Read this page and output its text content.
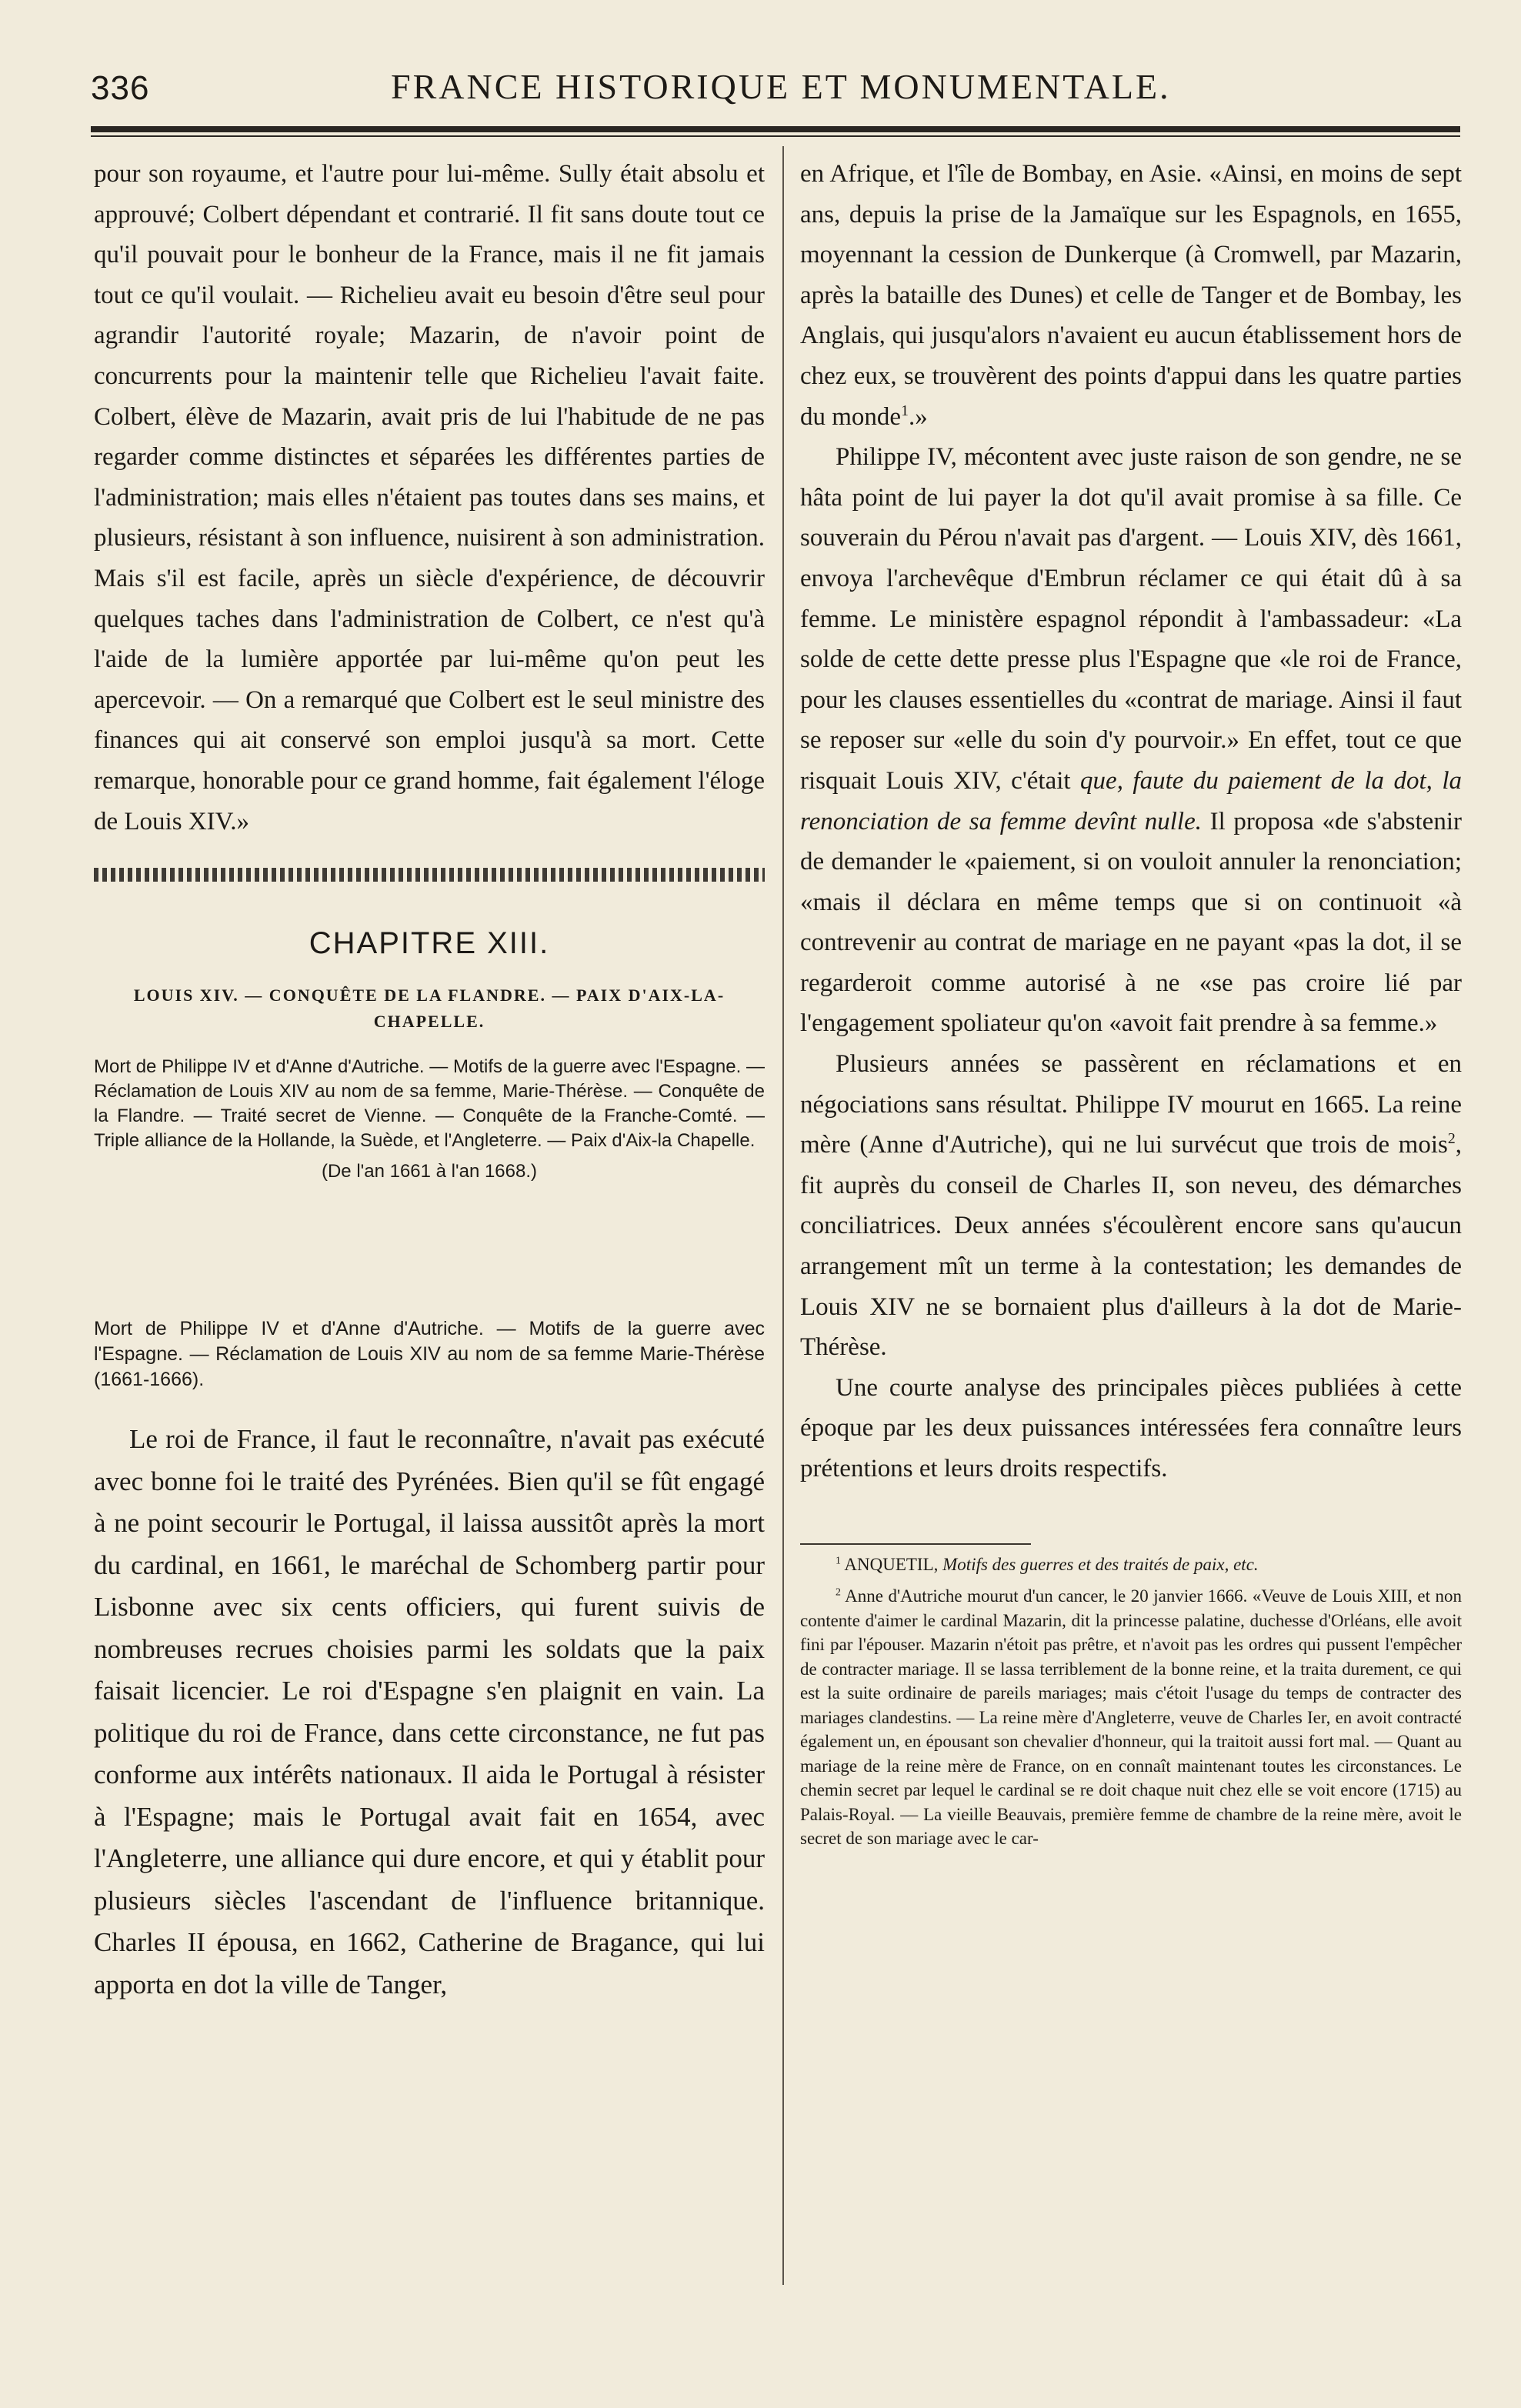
336	FRANCE HISTORIQUE ET MONUMENTALE.

pour son royaume, et l'autre pour lui-même. Sully était absolu et approuvé; Colbert dépendant et contrarié. Il fit sans doute tout ce qu'il pouvait pour le bonheur de la France, mais il ne fit jamais tout ce qu'il voulait. — Richelieu avait eu besoin d'être seul pour agrandir l'autorité royale; Mazarin, de n'avoir point de concurrents pour la maintenir telle que Richelieu l'avait faite. Colbert, élève de Mazarin, avait pris de lui l'habitude de ne pas regarder comme distinctes et séparées les différentes parties de l'administration; mais elles n'étaient pas toutes dans ses mains, et plusieurs, résistant à son influence, nuisirent à son administration. Mais s'il est facile, après un siècle d'expérience, de découvrir quelques taches dans l'administration de Colbert, ce n'est qu'à l'aide de la lumière apportée par lui-même qu'on peut les apercevoir. — On a remarqué que Colbert est le seul ministre des finances qui ait conservé son emploi jusqu'à sa mort. Cette remarque, honorable pour ce grand homme, fait également l'éloge de Louis XIV.»

CHAPITRE XIII.
LOUIS XIV. — CONQUÊTE DE LA FLANDRE. — PAIX D'AIX-LA-CHAPELLE.

Mort de Philippe IV et d'Anne d'Autriche. — Motifs de la guerre avec l'Espagne. — Réclamation de Louis XIV au nom de sa femme, Marie-Thérèse. — Conquête de la Flandre. — Traité secret de Vienne. — Conquête de la Franche-Comté. — Triple alliance de la Hollande, la Suède, et l'Angleterre. — Paix d'Aix-la Chapelle.

(De l'an 1661 à l'an 1668.)

Mort de Philippe IV et d'Anne d'Autriche. — Motifs de la guerre avec l'Espagne. — Réclamation de Louis XIV au nom de sa femme Marie-Thérèse (1661-1666).

Le roi de France, il faut le reconnaître, n'avait pas exécuté avec bonne foi le traité des Pyrénées. Bien qu'il se fût engagé à ne point secourir le Portugal, il laissa aussitôt après la mort du cardinal, en 1661, le maréchal de Schomberg partir pour Lisbonne avec six cents officiers, qui furent suivis de nombreuses recrues choisies parmi les soldats que la paix faisait licencier. Le roi d'Espagne s'en plaignit en vain. La politique du roi de France, dans cette circonstance, ne fut pas conforme aux intérêts nationaux. Il aida le Portugal à résister à l'Espagne; mais le Portugal avait fait en 1654, avec l'Angleterre, une alliance qui dure encore, et qui y établit pour plusieurs siècles l'ascendant de l'influence britannique. Charles II épousa, en 1662, Catherine de Bragance, qui lui apporta en dot la ville de Tanger,

en Afrique, et l'île de Bombay, en Asie. «Ainsi, en moins de sept ans, depuis la prise de la Jamaïque sur les Espagnols, en 1655, moyennant la cession de Dunkerque (à Cromwell, par Mazarin, après la bataille des Dunes) et celle de Tanger et de Bombay, les Anglais, qui jusqu'alors n'avaient eu aucun établissement hors de chez eux, se trouvèrent des points d'appui dans les quatre parties du monde$^1$.»

Philippe IV, mécontent avec juste raison de son gendre, ne se hâta point de lui payer la dot qu'il avait promise à sa fille. Ce souverain du Pérou n'avait pas d'argent. — Louis XIV, dès 1661, envoya l'archevêque d'Embrun réclamer ce qui était dû à sa femme. Le ministère espagnol répondit à l'ambassadeur: «La solde de cette dette presse plus l'Espagne que «le roi de France, pour les clauses essentielles du «contrat de mariage. Ainsi il faut se reposer sur «elle du soin d'y pourvoir.» En effet, tout ce que risquait Louis XIV, c'était que, faute du paiement de la dot, la renonciation de sa femme devînt nulle. Il proposa «de s'abstenir de demander le «paiement, si on vouloit annuler la renonciation; «mais il déclara en même temps que si on continuoit «à contrevenir au contrat de mariage en ne payant «pas la dot, il se regarderoit comme autorisé à ne «se pas croire lié par l'engagement spoliateur qu'on «avoit fait prendre à sa femme.»

Plusieurs années se passèrent en réclamations et en négociations sans résultat. Philippe IV mourut en 1665. La reine mère (Anne d'Autriche), qui ne lui survécut que trois de mois$^2$, fit auprès du conseil de Charles II, son neveu, des démarches conciliatrices. Deux années s'écoulèrent encore sans qu'aucun arrangement mît un terme à la contestation; les demandes de Louis XIV ne se bornaient plus d'ailleurs à la dot de Marie-Thérèse.

Une courte analyse des principales pièces publiées à cette époque par les deux puissances intéressées fera connaître leurs prétentions et leurs droits respectifs.

$^1$ ANQUETIL, Motifs des guerres et des traités de paix, etc.

$^2$ Anne d'Autriche mourut d'un cancer, le 20 janvier 1666. «Veuve de Louis XIII, et non contente d'aimer le cardinal Mazarin, dit la princesse palatine, duchesse d'Orléans, elle avoit fini par l'épouser. Mazarin n'étoit pas prêtre, et n'avoit pas les ordres qui pussent l'empêcher de contracter mariage. Il se lassa terriblement de la bonne reine, et la traita durement, ce qui est la suite ordinaire de pareils mariages; mais c'étoit l'usage du temps de contracter des mariages clandestins. — La reine mère d'Angleterre, veuve de Charles Ier, en avoit contracté également un, en épousant son chevalier d'honneur, qui la traitoit aussi fort mal. — Quant au mariage de la reine mère de France, on en connaît maintenant toutes les circonstances. Le chemin secret par lequel le cardinal se re doit chaque nuit chez elle se voit encore (1715) au Palais-Royal. — La vieille Beauvais, première femme de chambre de la reine mère, avoit le secret de son mariage avec le car-
